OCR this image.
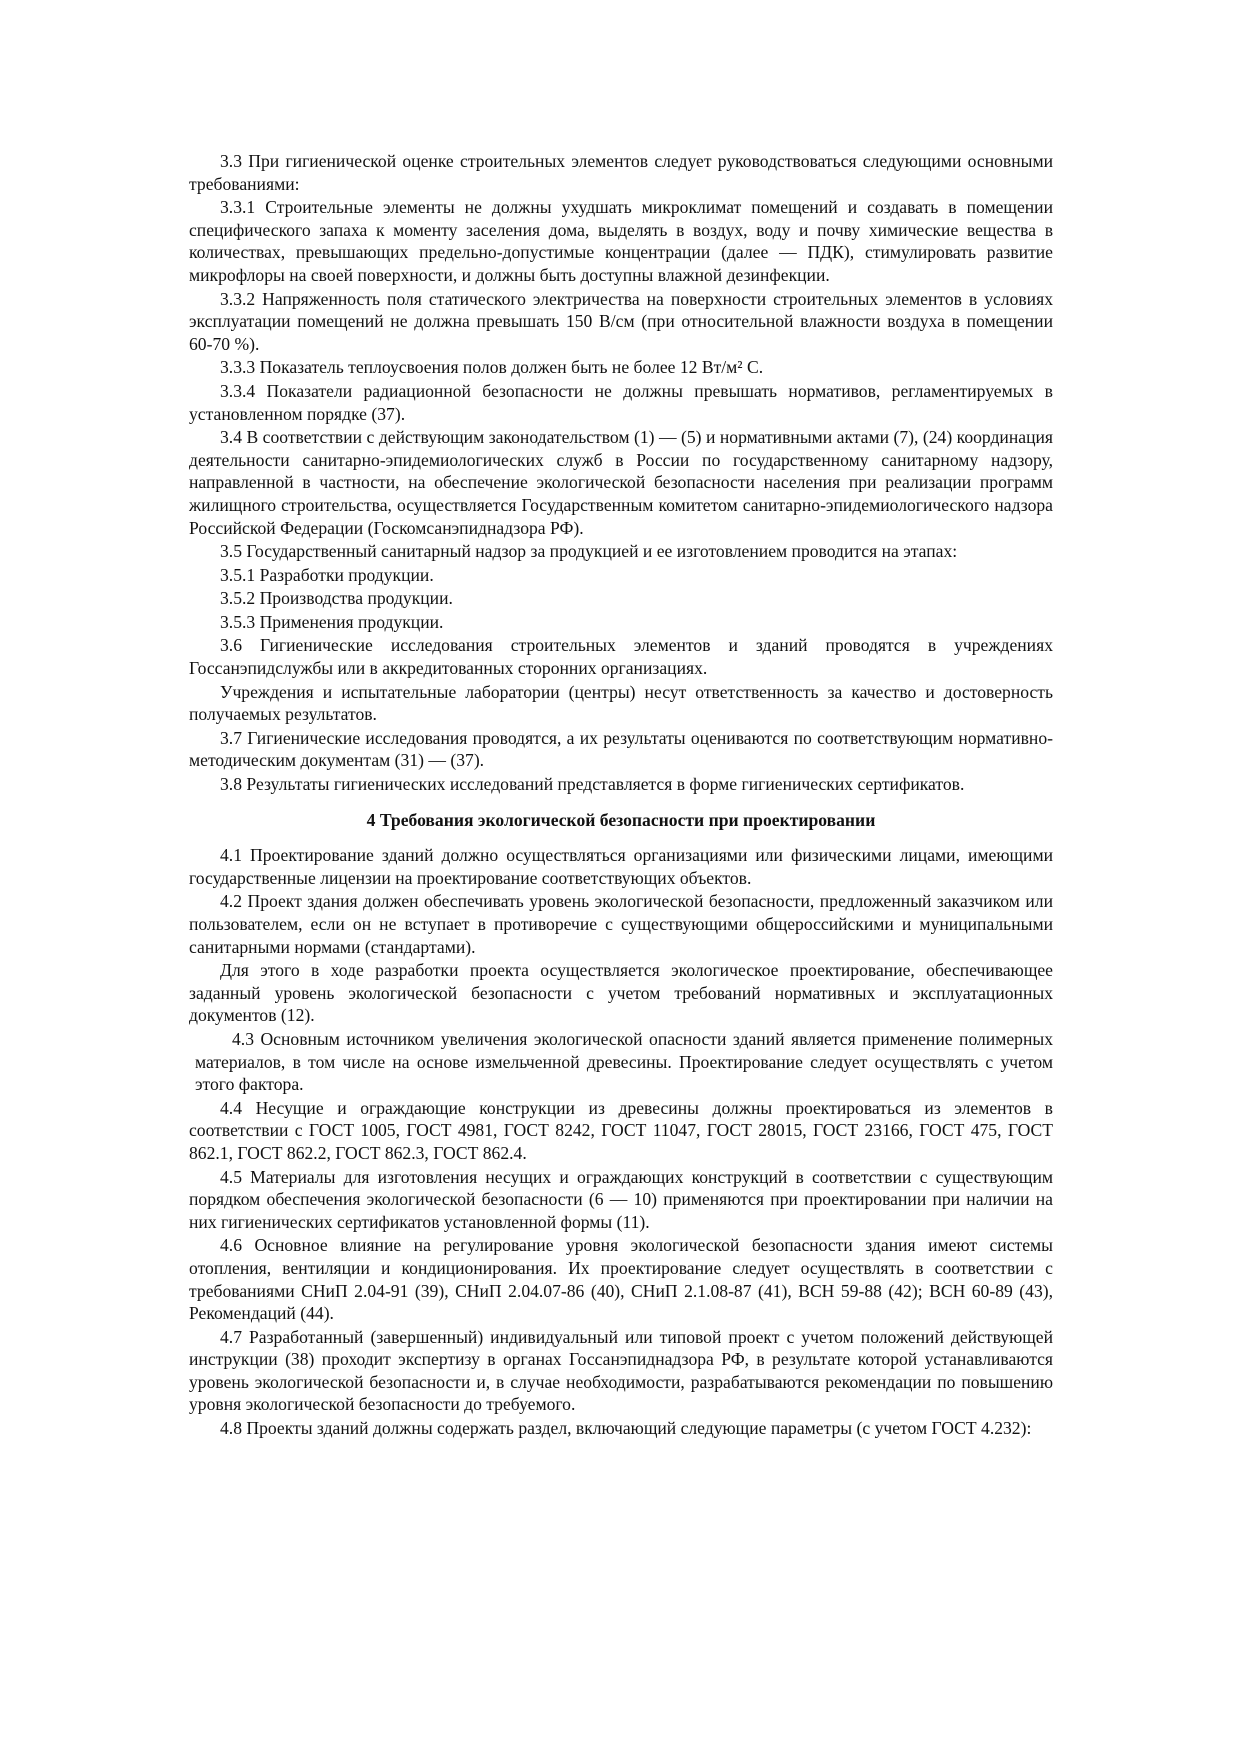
3.3 При гигиенической оценке строительных элементов следует руководствоваться следующими основными требованиями:

3.3.1 Строительные элементы не должны ухудшать микроклимат помещений и создавать в помещении специфического запаха к моменту заселения дома, выделять в воздух, воду и почву химические вещества в количествах, превышающих предельно-допустимые концентрации (далее — ПДК), стимулировать развитие микрофлоры на своей поверхности, и должны быть доступны влажной дезинфекции.

3.3.2 Напряженность поля статического электричества на поверхности строительных элементов в условиях эксплуатации помещений не должна превышать 150 В/см (при относительной влажности воздуха в помещении 60-70 %).

3.3.3 Показатель теплоусвоения полов должен быть не более 12 Вт/м² С.

3.3.4 Показатели радиационной безопасности не должны превышать нормативов, регламентируемых в установленном порядке (37).

3.4 В соответствии с действующим законодательством (1) — (5) и нормативными актами (7), (24) координация деятельности санитарно-эпидемиологических служб в России по государственному санитарному надзору, направленной в частности, на обеспечение экологической безопасности населения при реализации программ жилищного строительства, осуществляется Государственным комитетом санитарно-эпидемиологического надзора Российской Федерации (Госкомсанэпиднадзора РФ).

3.5 Государственный санитарный надзор за продукцией и ее изготовлением проводится на этапах:

3.5.1 Разработки продукции.

3.5.2 Производства продукции.

3.5.3 Применения продукции.

3.6 Гигиенические исследования строительных элементов и зданий проводятся в учреждениях Госсанэпидслужбы или в аккредитованных сторонних организациях.

Учреждения и испытательные лаборатории (центры) несут ответственность за качество и достоверность получаемых результатов.

3.7 Гигиенические исследования проводятся, а их результаты оцениваются по соответствующим нормативно-методическим документам (31) — (37).

3.8 Результаты гигиенических исследований представляется в форме гигиенических сертификатов.

4 Требования экологической безопасности при проектировании

4.1 Проектирование зданий должно осуществляться организациями или физическими лицами, имеющими государственные лицензии на проектирование соответствующих объектов.

4.2 Проект здания должен обеспечивать уровень экологической безопасности, предложенный заказчиком или пользователем, если он не вступает в противоречие с существующими общероссийскими и муниципальными санитарными нормами (стандартами).

Для этого в ходе разработки проекта осуществляется экологическое проектирование, обеспечивающее заданный уровень экологической безопасности с учетом требований нормативных и эксплуатационных документов (12).

4.3 Основным источником увеличения экологической опасности зданий является применение полимерных материалов, в том числе на основе измельченной древесины. Проектирование следует осуществлять с учетом этого фактора.

4.4 Несущие и ограждающие конструкции из древесины должны проектироваться из элементов в соответствии с ГОСТ 1005, ГОСТ 4981, ГОСТ 8242, ГОСТ 11047, ГОСТ 28015, ГОСТ 23166, ГОСТ 475, ГОСТ 862.1, ГОСТ 862.2, ГОСТ 862.3, ГОСТ 862.4.

4.5 Материалы для изготовления несущих и ограждающих конструкций в соответствии с существующим порядком обеспечения экологической безопасности (6 — 10) применяются при проектировании при наличии на них гигиенических сертификатов установленной формы (11).

4.6 Основное влияние на регулирование уровня экологической безопасности здания имеют системы отопления, вентиляции и кондиционирования. Их проектирование следует осуществлять в соответствии с требованиями СНиП 2.04-91 (39), СНиП 2.04.07-86 (40), СНиП 2.1.08-87 (41), ВСН 59-88 (42); ВСН 60-89 (43), Рекомендаций (44).

4.7 Разработанный (завершенный) индивидуальный или типовой проект с учетом положений действующей инструкции (38) проходит экспертизу в органах Госсанэпиднадзора РФ, в результате которой устанавливаются уровень экологической безопасности и, в случае необходимости, разрабатываются рекомендации по повышению уровня экологической безопасности до требуемого.

4.8 Проекты зданий должны содержать раздел, включающий следующие параметры (с учетом ГОСТ 4.232):
